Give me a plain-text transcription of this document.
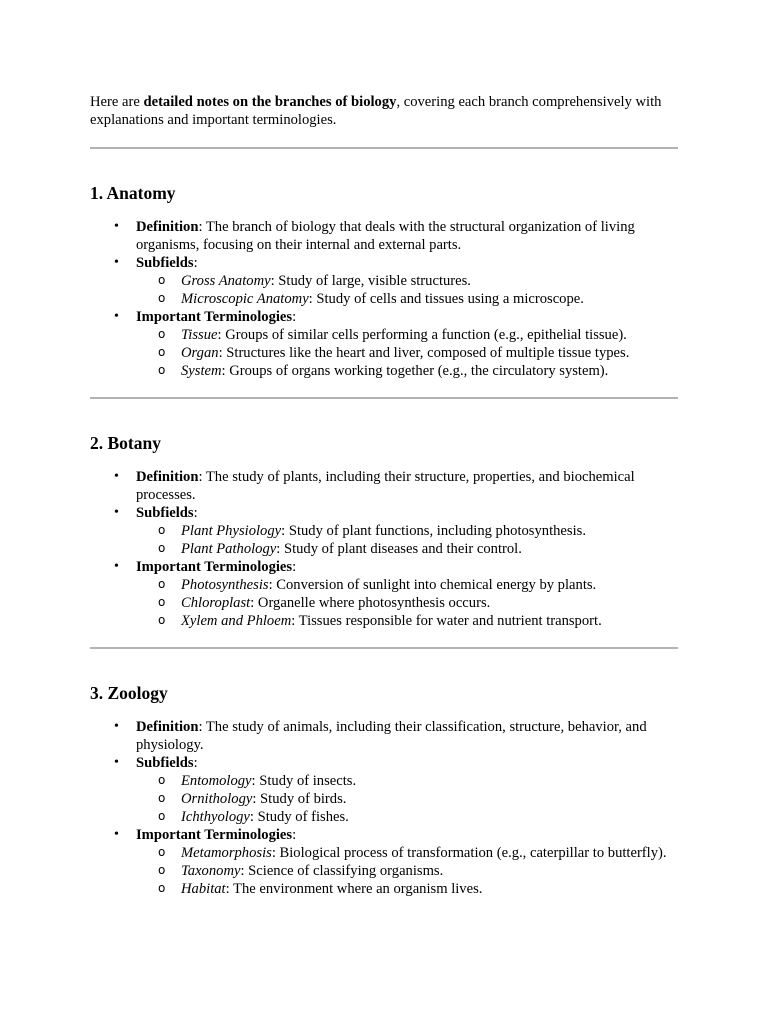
Here are detailed notes on the branches of biology, covering each branch comprehensively with explanations and important terminologies.

1. Anatomy
• Definition: The branch of biology that deals with the structural organization of living organisms, focusing on their internal and external parts.
• Subfields:
o Gross Anatomy: Study of large, visible structures.
o Microscopic Anatomy: Study of cells and tissues using a microscope.
• Important Terminologies:
o Tissue: Groups of similar cells performing a function (e.g., epithelial tissue).
o Organ: Structures like the heart and liver, composed of multiple tissue types.
o System: Groups of organs working together (e.g., the circulatory system).
2. Botany
• Definition: The study of plants, including their structure, properties, and biochemical processes.
• Subfields:
o Plant Physiology: Study of plant functions, including photosynthesis.
o Plant Pathology: Study of plant diseases and their control.
• Important Terminologies:
o Photosynthesis: Conversion of sunlight into chemical energy by plants.
o Chloroplast: Organelle where photosynthesis occurs.
o Xylem and Phloem: Tissues responsible for water and nutrient transport.
3. Zoology
• Definition: The study of animals, including their classification, structure, behavior, and physiology.
• Subfields:
o Entomology: Study of insects.
o Ornithology: Study of birds.
o Ichthyology: Study of fishes.
• Important Terminologies:
o Metamorphosis: Biological process of transformation (e.g., caterpillar to butterfly).
o Taxonomy: Science of classifying organisms.
o Habitat: The environment where an organism lives.
